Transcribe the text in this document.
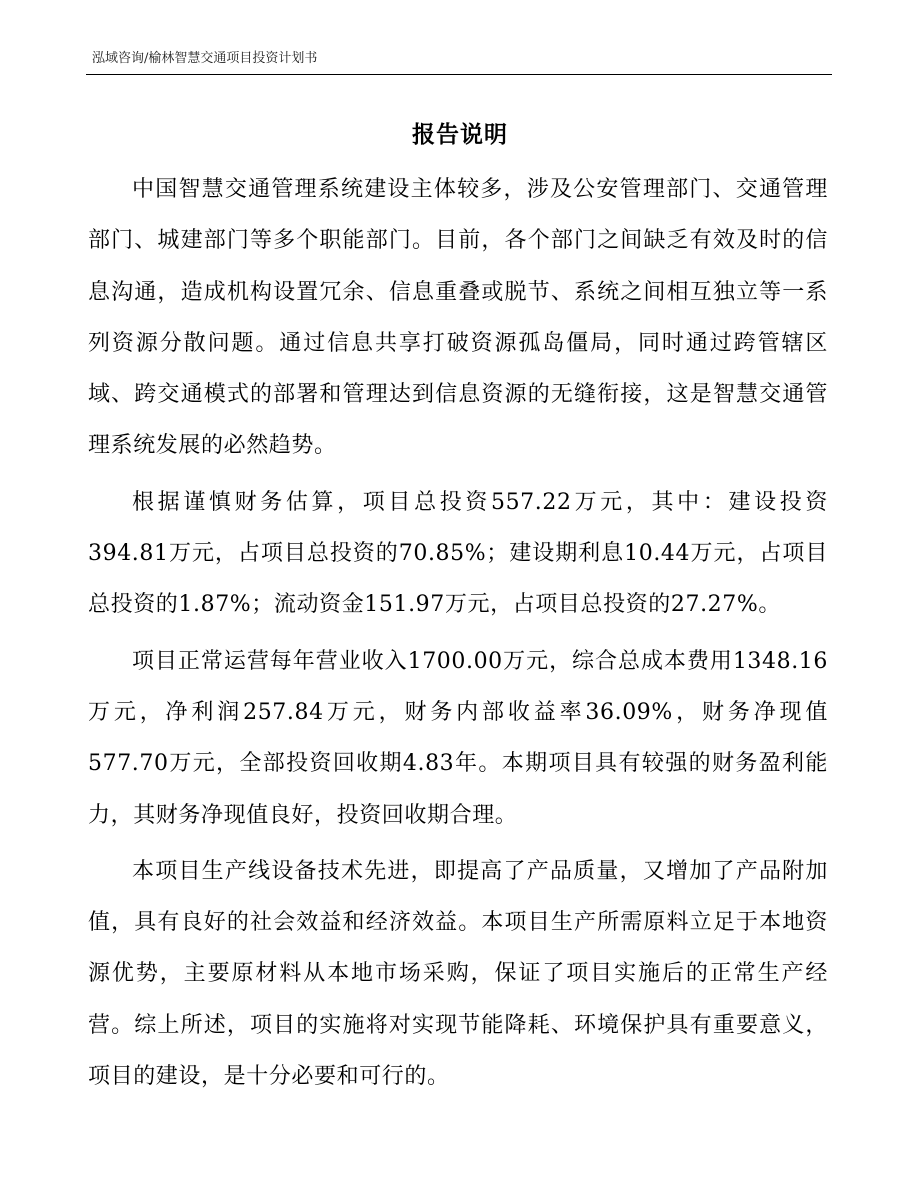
泓域咨询/榆林智慧交通项目投资计划书
报告说明

中国智慧交通管理系统建设主体较多，涉及公安管理部门、交通管理部门、城建部门等多个职能部门。目前，各个部门之间缺乏有效及时的信息沟通，造成机构设置冗余、信息重叠或脱节、系统之间相互独立等一系列资源分散问题。通过信息共享打破资源孤岛僵局，同时通过跨管辖区域、跨交通模式的部署和管理达到信息资源的无缝衔接，这是智慧交通管理系统发展的必然趋势。

根据谨慎财务估算，项目总投资557.22万元，其中：建设投资394.81万元，占项目总投资的70.85%；建设期利息10.44万元，占项目总投资的1.87%；流动资金151.97万元，占项目总投资的27.27%。

项目正常运营每年营业收入1700.00万元，综合总成本费用1348.16万元，净利润257.84万元，财务内部收益率36.09%，财务净现值577.70万元，全部投资回收期4.83年。本期项目具有较强的财务盈利能力，其财务净现值良好，投资回收期合理。

本项目生产线设备技术先进，即提高了产品质量，又增加了产品附加值，具有良好的社会效益和经济效益。本项目生产所需原料立足于本地资源优势，主要原材料从本地市场采购，保证了项目实施后的正常生产经营。综上所述，项目的实施将对实现节能降耗、环境保护具有重要意义，项目的建设，是十分必要和可行的。
